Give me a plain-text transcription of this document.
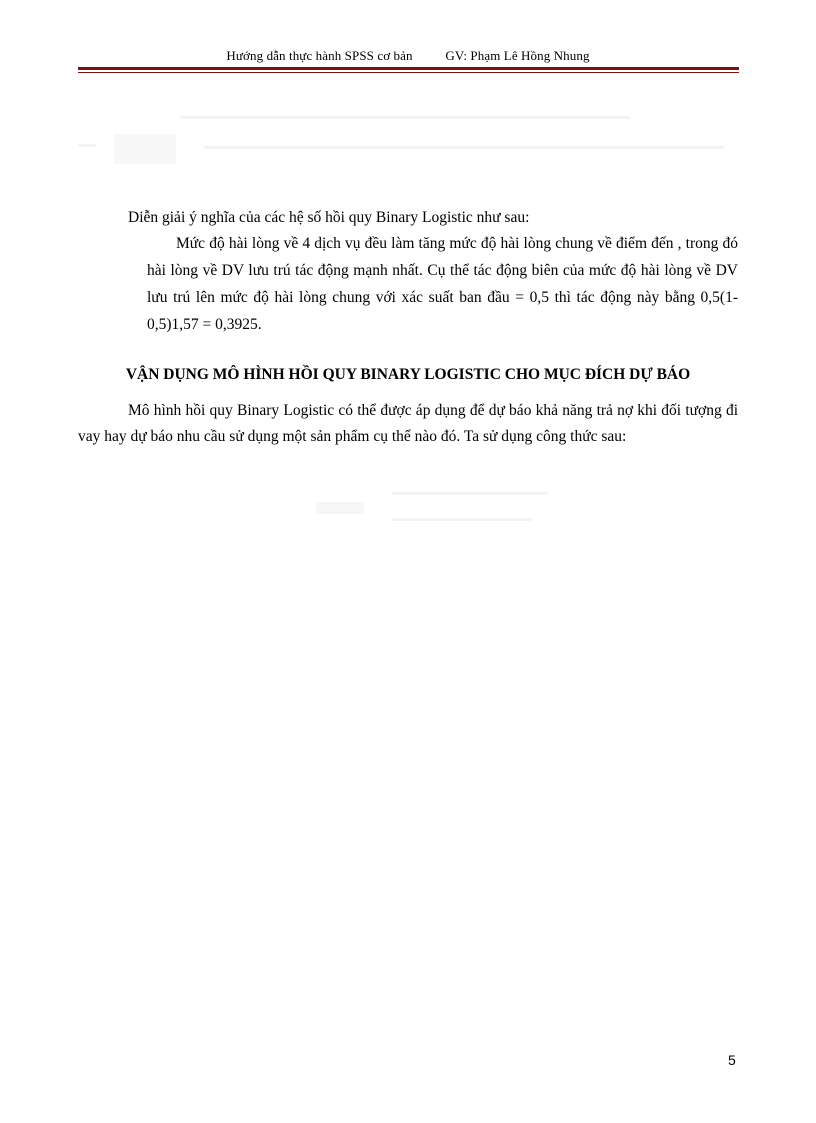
Hướng dẫn thực hành SPSS cơ bản	GV: Phạm Lê Hồng Nhung
Diễn giải ý nghĩa của các hệ số hồi quy Binary Logistic như sau:
Mức độ hài lòng về 4 dịch vụ đều làm tăng mức độ hài lòng chung về điểm đến , trong đó hài lòng về DV lưu trú tác động mạnh nhất. Cụ thể tác động biên của mức độ hài lòng về DV lưu trú lên mức độ hài lòng chung với xác suất ban đầu = 0,5 thì tác động này bằng 0,5(1-0,5)1,57 = 0,3925.
VẬN DỤNG MÔ HÌNH HỒI QUY BINARY LOGISTIC CHO MỤC ĐÍCH DỰ BÁO
Mô hình hồi quy Binary Logistic có thể được áp dụng để dự báo khả năng trả nợ khi đối tượng đi vay hay dự báo nhu cầu sử dụng một sản phẩm cụ thể nào đó. Ta sử dụng công thức sau:
5
